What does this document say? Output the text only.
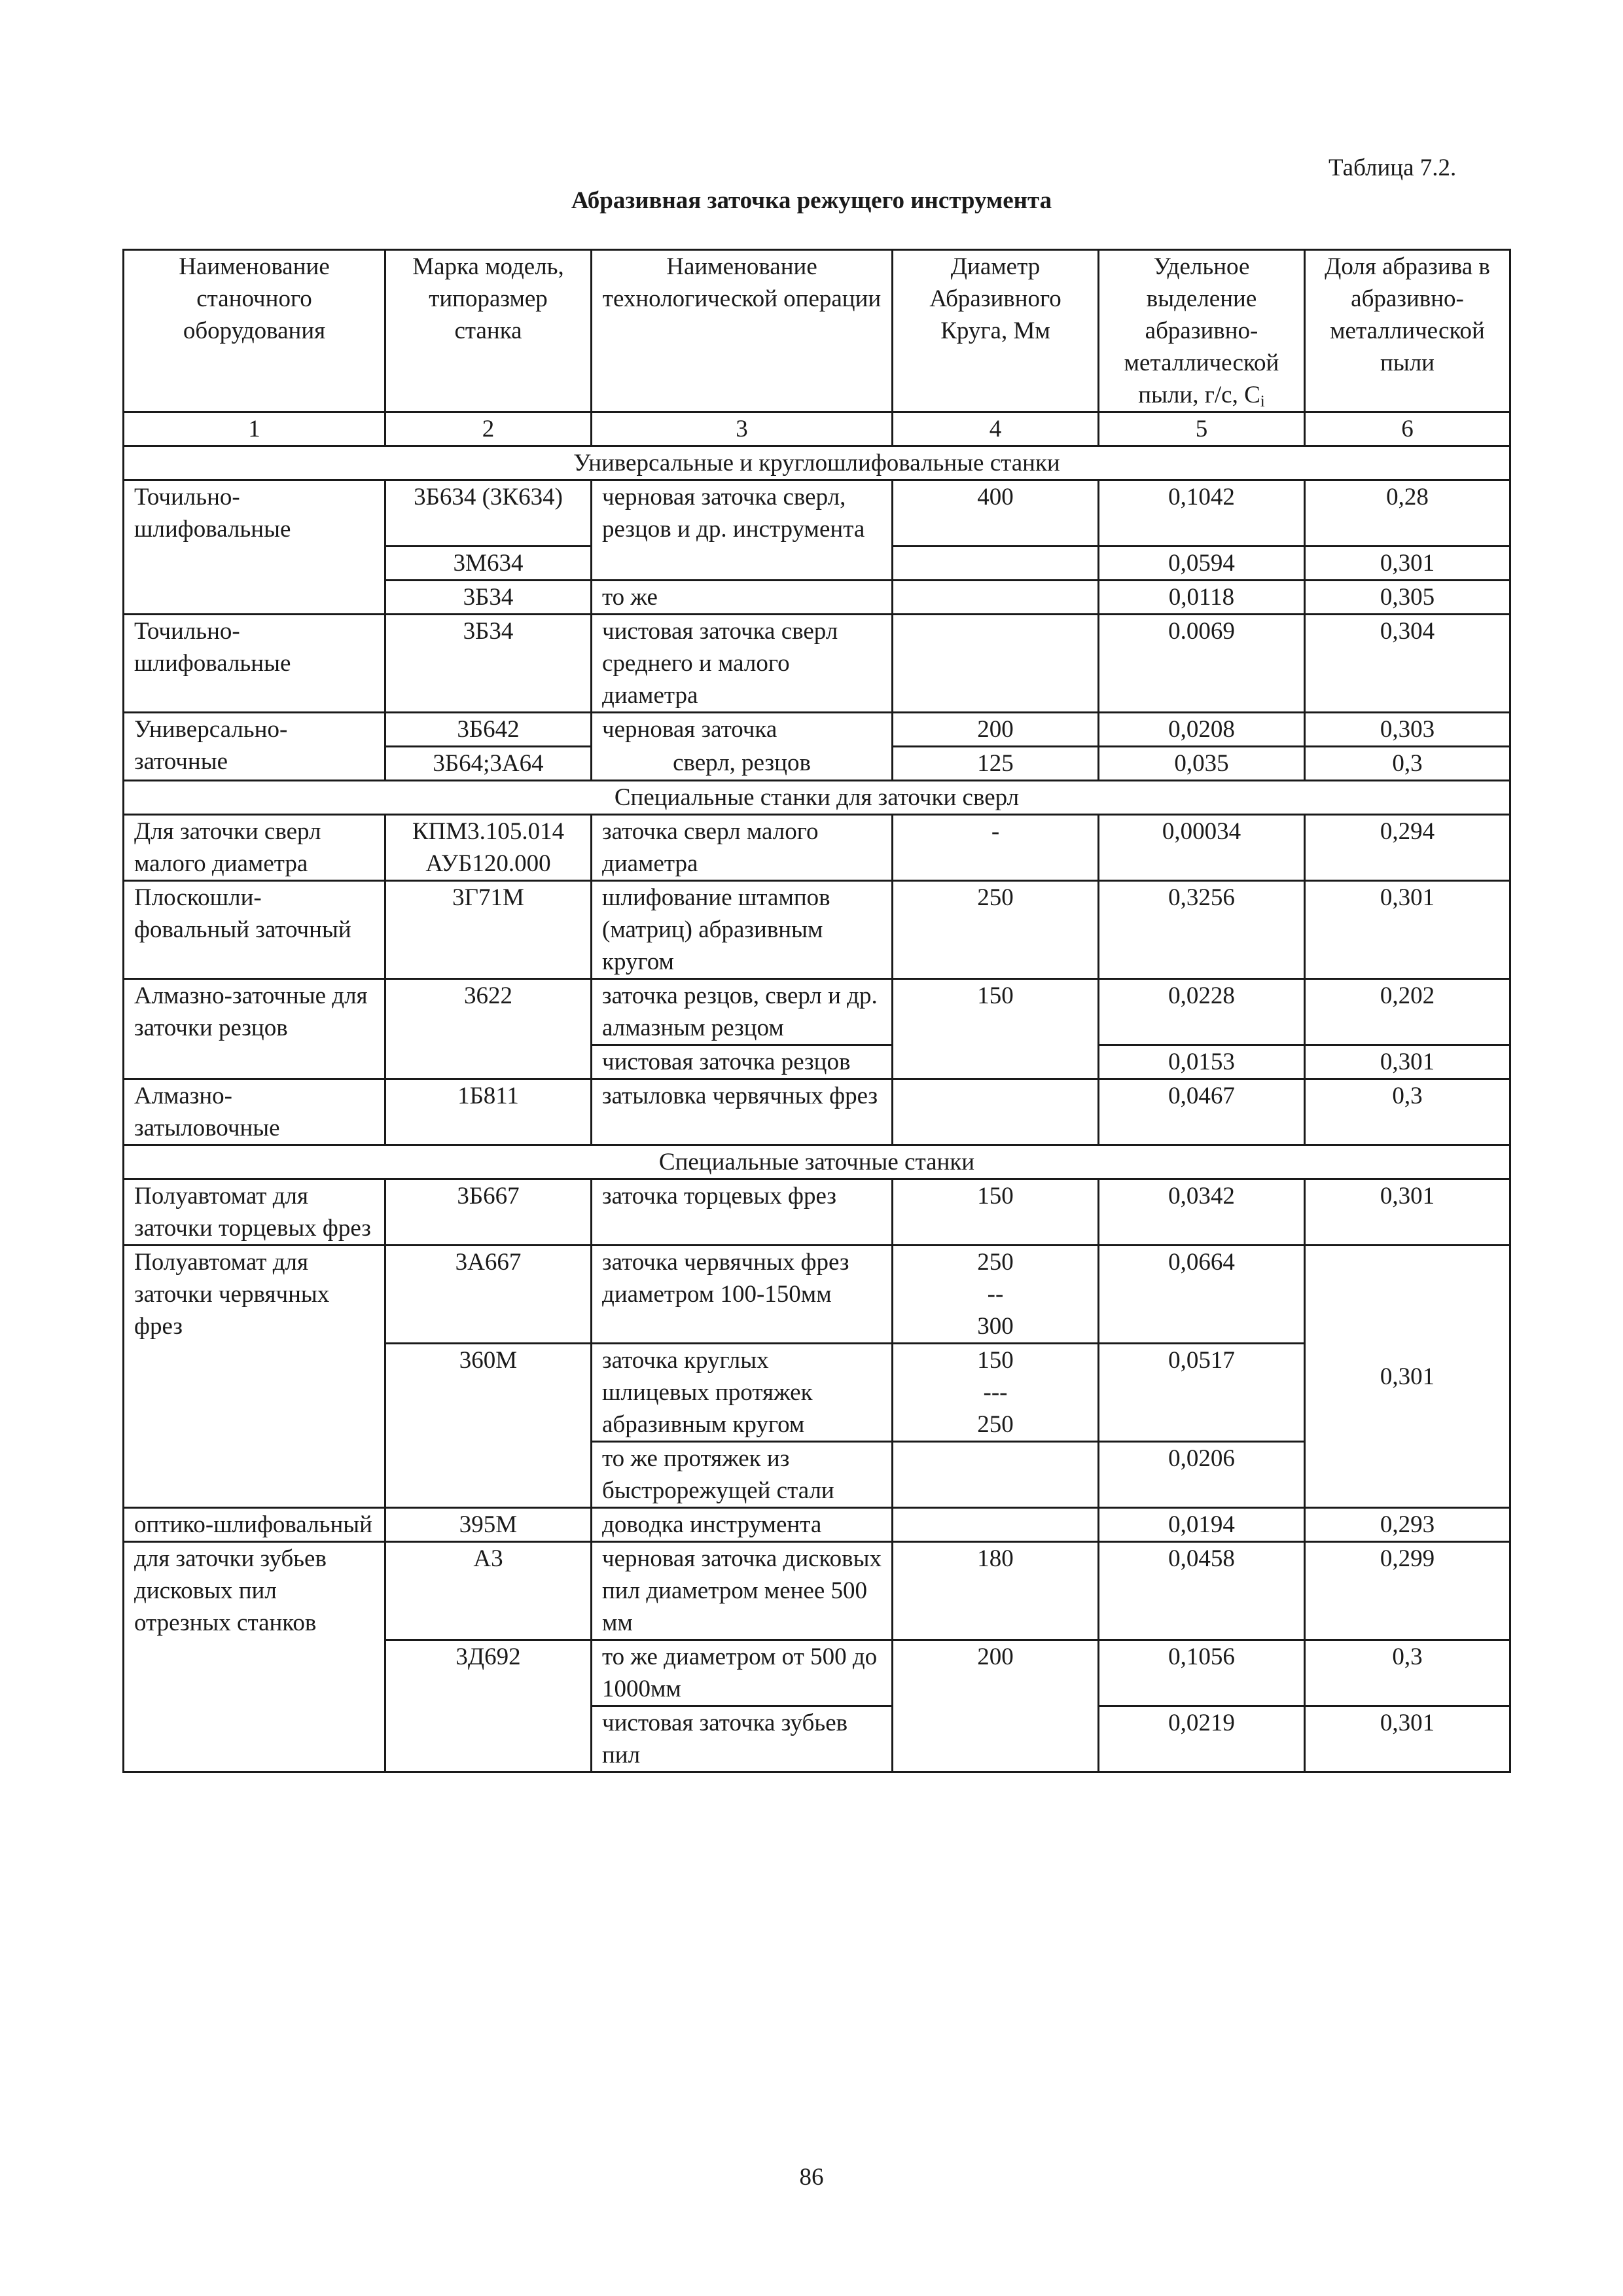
Таблица 7.2.
Абразивная заточка режущего инструмента
Наименование станочного оборудования	Марка модель, типоразмер станка	Наименование технологической операции	Диаметр Абразивного Круга, Мм	Удельное выделение абразивно-металлической пыли, г/с, $C_i$	Доля абразива в абразивно-металлической пыли
1	2	3	4	5	6
Универсальные и круглошлифовальные станки					
Точильно-шлифовальные	3Б634 (3К634)	черновая заточка сверл, резцов и др. инструмента	400	0,1042	0,28
	3М634			0,0594	0,301
	3Б34	то же		0,0118	0,305
Точильно-шлифовальные	3Б34	чистовая заточка сверл среднего и малого диаметра		0.0069	0,304
Универсально-заточные	3Б642	черновая заточка	200	0,0208	0,303
	3Б64;3А64	сверл, резцов	125	0,035	0,3
Специальные станки для заточки сверл					
Для заточки сверл малого диаметра	КПМ3.105.014 АУБ120.000	заточка сверл малого диаметра	-	0,00034	0,294
Плоскошли-фовальный заточный	3Г71М	шлифование штампов (матриц) абразивным кругом	250	0,3256	0,301
Алмазно-заточные для заточки резцов	3622	заточка резцов, сверл и др. алмазным резцом	150	0,0228	0,202
		чистовая заточка резцов		0,0153	0,301
Алмазно-затыловочные	1Б811	затыловка червячных фрез		0,0467	0,3
Специальные заточные станки					
Полуавтомат для заточки торцевых фрез	3Б667	заточка торцевых фрез	150	0,0342	0,301
Полуавтомат для заточки червячных фрез	3А667	заточка червячных фрез диаметром 100-150мм	250
--
300	0,0664	0,301
	360М	заточка круглых шлицевых протяжек абразивным кругом	150
---
250	0,0517	
		то же протяжек из быстрорежущей стали		0,0206	
оптико-шлифовальный	395М	доводка инструмента		0,0194	0,293
для заточки зубьев дисковых пил отрезных станков	А3	черновая заточка дисковых пил диаметром менее 500 мм	180	0,0458	0,299
	3Д692	то же диаметром от 500 до 1000мм	200	0,1056	0,3
		чистовая заточка зубьев пил		0,0219	0,301
86
